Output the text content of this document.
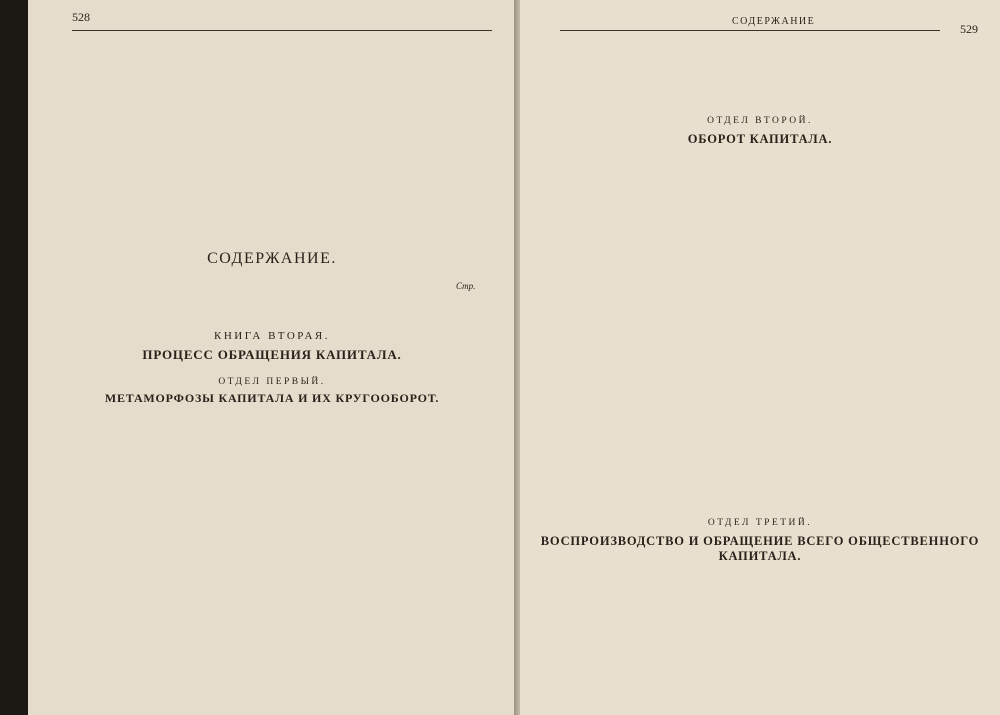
528
СОДЕРЖАНИЕ.
Стр.
КНИГА ВТОРАЯ.
ПРОЦЕСС ОБРАЩЕНИЯ КАПИТАЛА.
ОТДЕЛ ПЕРВЫЙ.
МЕТАМОРФОЗЫ КАПИТАЛА И ИХ КРУГООБОРОТ.
СОДЕРЖАНИЕ
529
ОТДЕЛ ВТОРОЙ.
ОБОРОТ КАПИТАЛА.
ОТДЕЛ ТРЕТИЙ.
ВОСПРОИЗВОДСТВО И ОБРАЩЕНИЕ ВСЕГО ОБЩЕСТВЕННОГО
КАПИТАЛА.
